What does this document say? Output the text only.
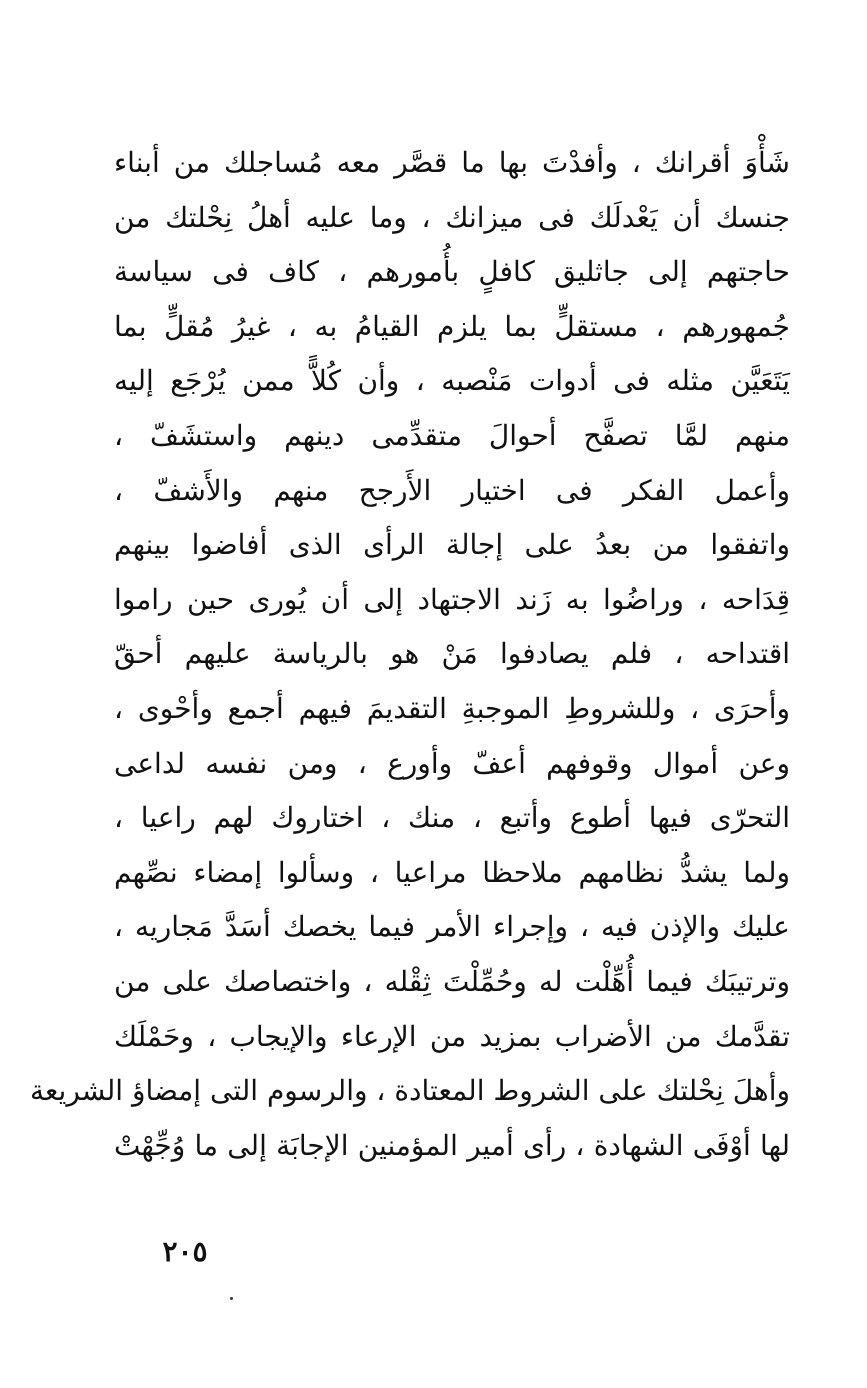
شَأْوَ أقرانك ، وأفدْتَ بها ما قصَّر معه مُساجلك من أبناء
جنسك أن يَعْدلَك فى ميزانك ، وما عليه أهلُ نِحْلتك من
حاجتهم إلى جاثليق كافلٍ بأُمورهم ، كاف فى سياسة
جُمهورهم ، مستقلٍّ بما يلزم القيامُ به ، غيرُ مُقلٍّ بما
يَتَعَيَّن مثله فى أدوات مَنْصبه ، وأن كُلاًّ ممن يُرْجَع إليه
منهم لمَّا تصفَّح أحوالَ متقدِّمى دينهم واستشَفّ ،
وأعمل الفكر فى اختيار الأَرجح منهم والأَشفّ ،
واتفقوا من بعدُ على إجالة الرأى الذى أفاضوا بينهم
قِدَاحه ، وراضُوا به زَند الاجتهاد إلى أن يُورى حين راموا
اقتداحه ، فلم يصادفوا مَنْ هو بالرياسة عليهم أحقّ
وأحرَى ، وللشروطِ الموجبةِ التقديمَ فيهم أجمع وأحْوى ،
وعن أموال وقوفهم أعفّ وأورع ، ومن نفسه لداعى
التحرّى فيها أطوع وأتبع ، منك ، اختاروك لهم راعيا ،
ولما يشدُّ نظامهم ملاحظا مراعيا ، وسألوا إمضاء نصِّهم
عليك والإذن فيه ، وإجراء الأمر فيما يخصك أسَدَّ مَجاريه ،
وترتيبَك فيما أُهِّلْت له وحُمِّلْتَ ثِقْله ، واختصاصك على من
تقدَّمك من الأضراب بمزيد من الإرعاء والإيجاب ، وحَمْلَك
وأهلَ نِحْلتك على الشروط المعتادة ، والرسوم التى إمضاؤ الشريعة
لها أوْفَى الشهادة ، رأى أمير المؤمنين الإجابَة إلى ما وُجِّهْتْ
٢٠٥
